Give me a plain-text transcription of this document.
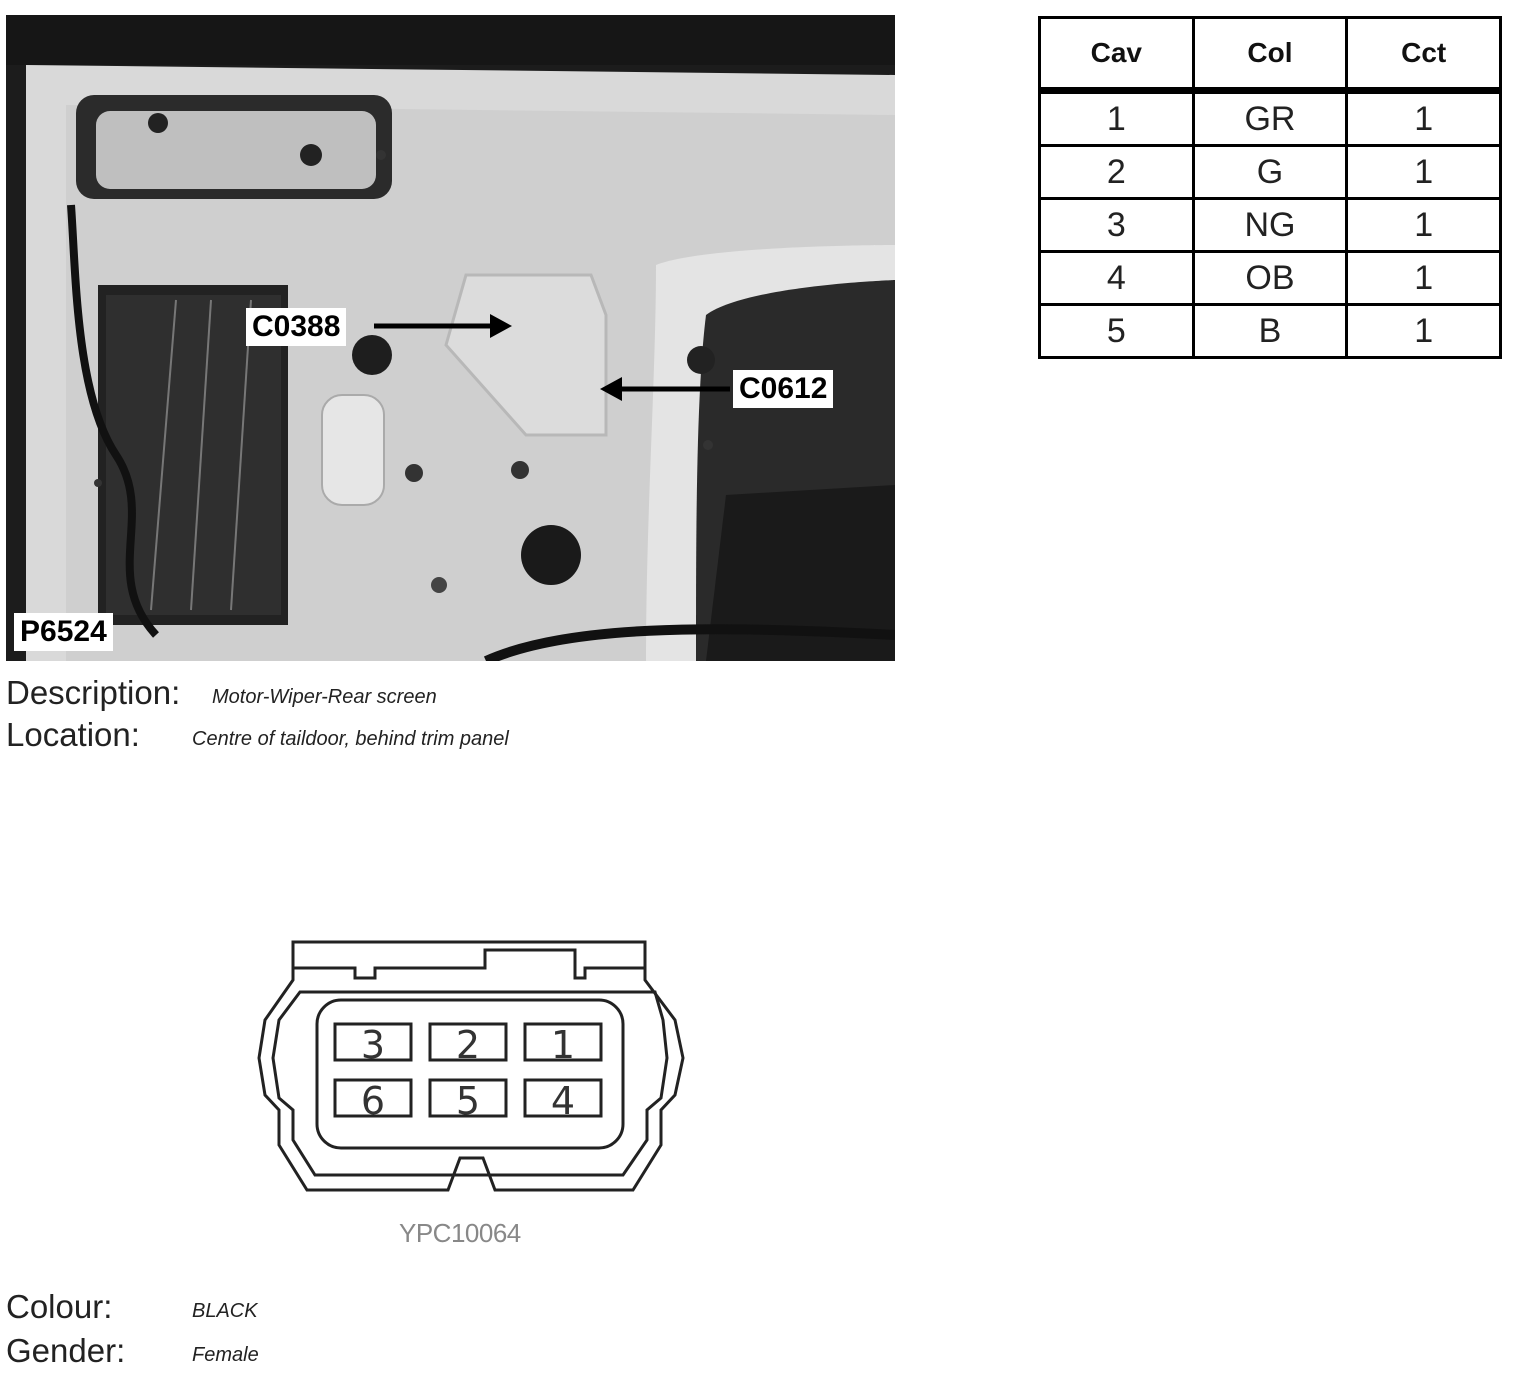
C0388
C0612
P6524
Description: Motor-Wiper-Rear screen
Location:	Centre of taildoor, behind trim panel
Cav	Col	Cct
1	GR	1
2	G	1
3	NG	1
4	OB	1
5	B	1
3 2 1
6 5 4
YPC10064
Colour:	BLACK
Gender:	Female
